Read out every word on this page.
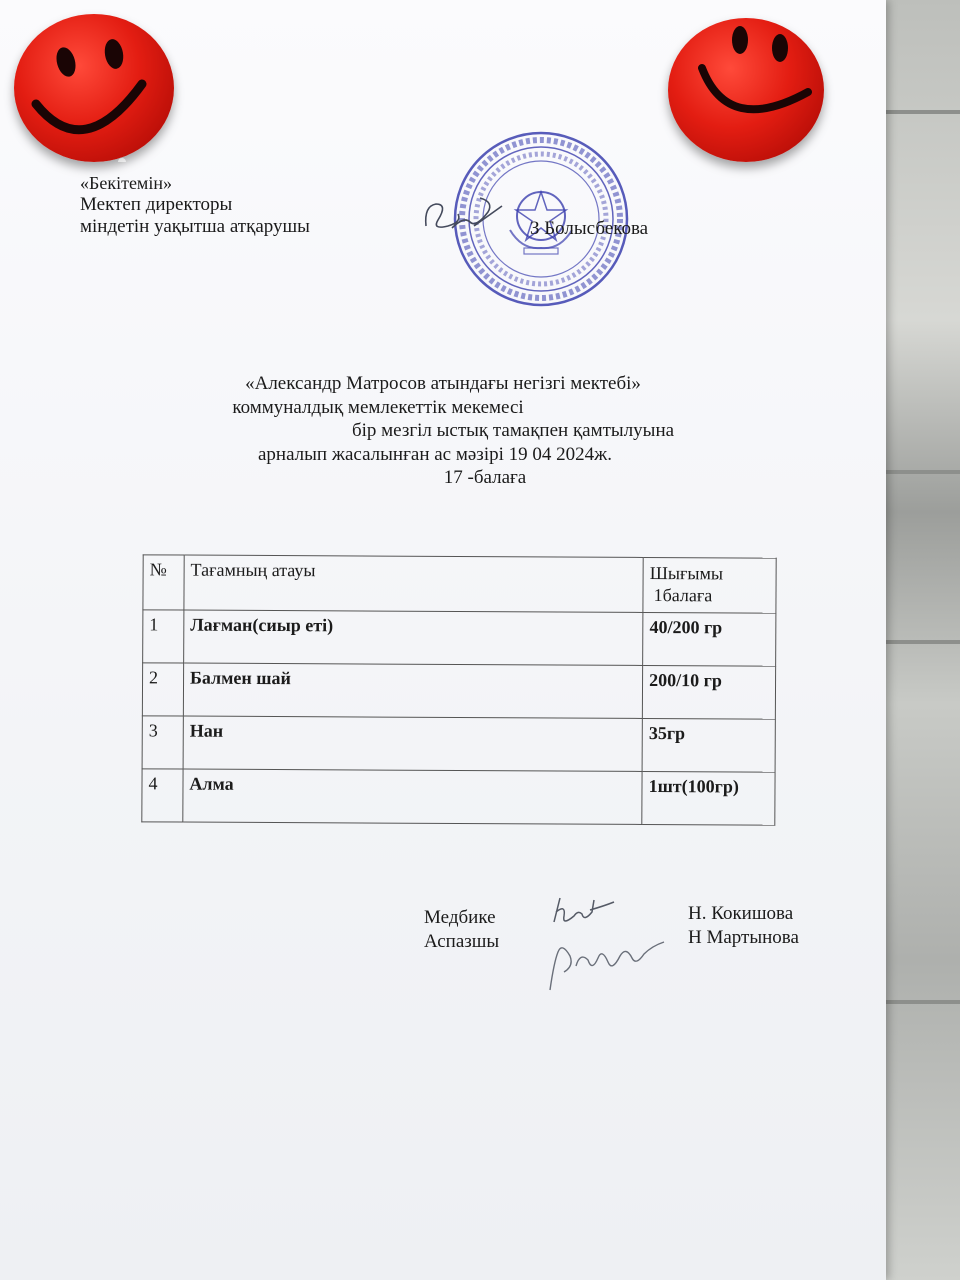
«Бекітемін»
Мектеп директоры
міндетін уақытша атқарушы	З Болысбекова
«Александр Матросов атындағы негізгі мектебі»
коммуналдық мемлекеттік мекемесі
бір мезгіл ыстық тамақпен қамтылуына
арналып жасалынған ас мәзірі 19 04 2024ж.
17 -балаға
№	Тағамның атауы	Шығымы
1балаға

1	Лағман(сиыр еті)	40/200 гр
2	Балмен шай	200/10 гр
3	Нан	35гр
4	Алма	1шт(100гр)
Медбике
Аспазшы
Н. Кокишова
Н Мартынова
